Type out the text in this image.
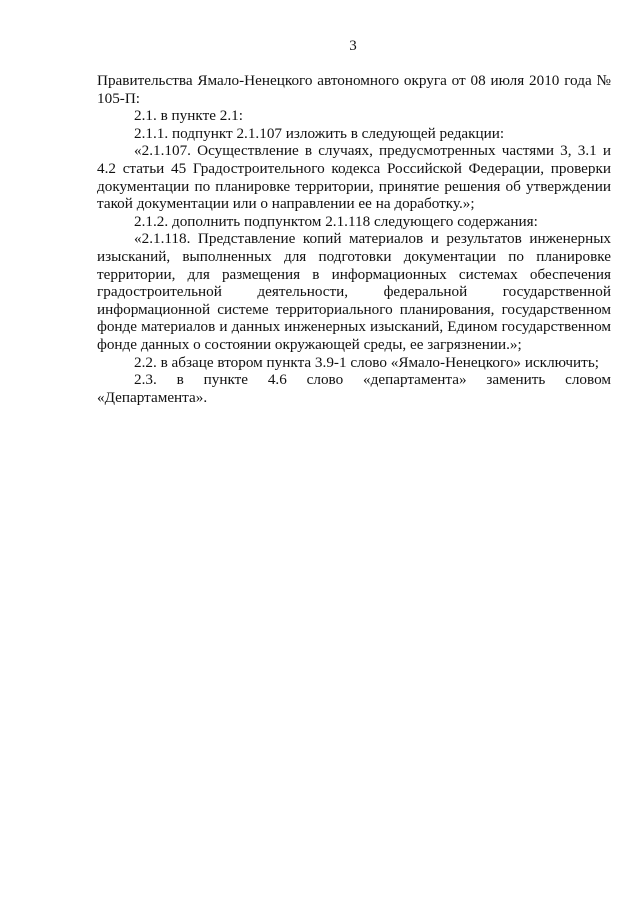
3

Правительства Ямало-Ненецкого автономного округа от 08 июля 2010 года № 105-П:

2.1. в пункте 2.1:

2.1.1. подпункт 2.1.107 изложить в следующей редакции:

«2.1.107. Осуществление в случаях, предусмотренных частями 3, 3.1 и 4.2 статьи 45 Градостроительного кодекса Российской Федерации, проверки документации по планировке территории, принятие решения об утверждении такой документации или о направлении ее на доработку.»;

2.1.2. дополнить подпунктом 2.1.118 следующего содержания:

«2.1.118. Представление копий материалов и результатов инженерных изысканий, выполненных для подготовки документации по планировке территории, для размещения в информационных системах обеспечения градостроительной деятельности, федеральной государственной информационной системе территориального планирования, государственном фонде материалов и данных инженерных изысканий, Едином государственном фонде данных о состоянии окружающей среды, ее загрязнении.»;

2.2. в абзаце втором пункта 3.9-1 слово «Ямало-Ненецкого» исключить;

2.3. в пункте 4.6 слово «департамента» заменить словом «Департамента».
